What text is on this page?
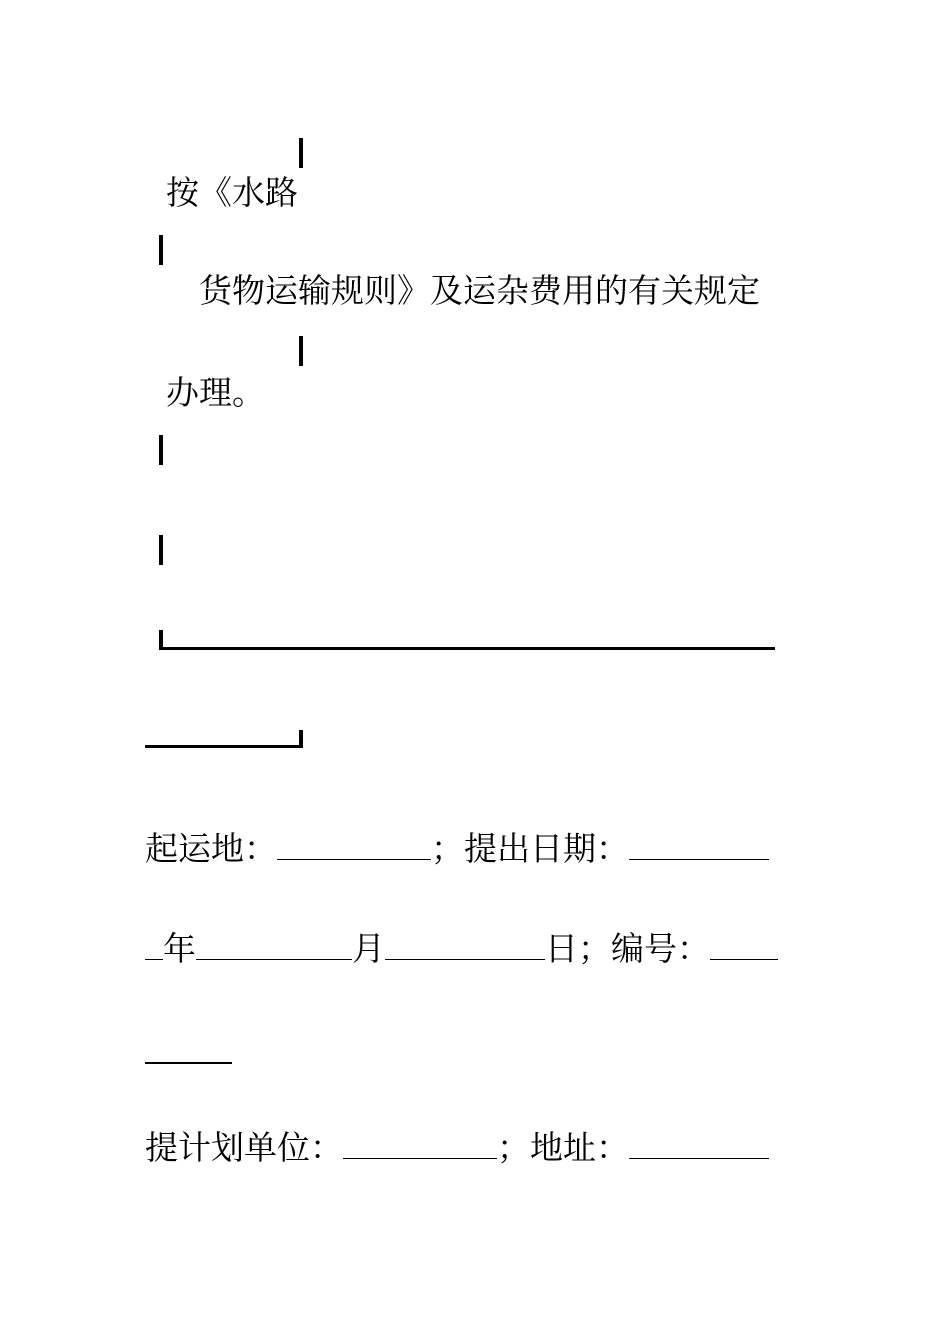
按《水路

货物运输规则》及运杂费用的有关规定

办理。

起运地：	；提出日期：
年	月	日；编号：
提计划单位：	；地址：
